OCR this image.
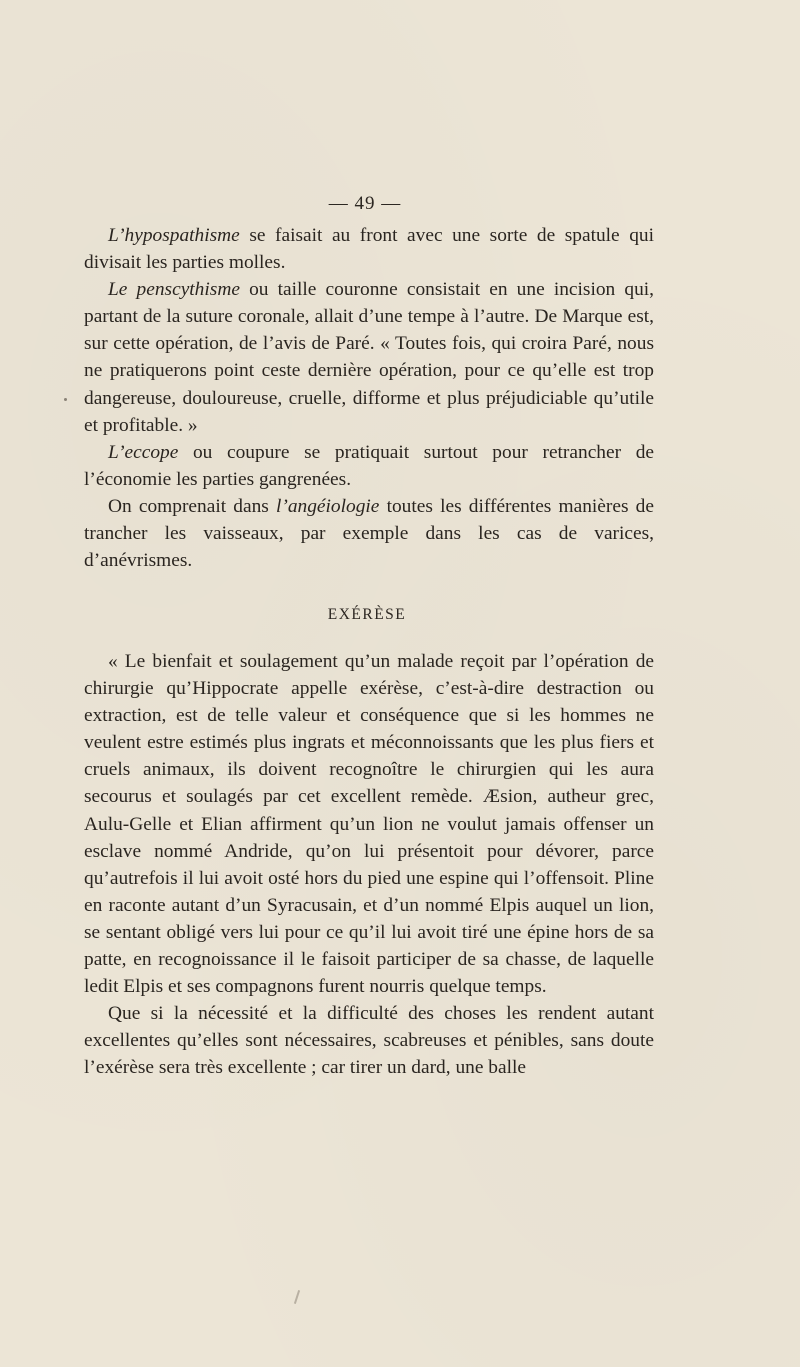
— 49 —

L’hypospathisme se faisait au front avec une sorte de spatule qui divisait les parties molles.

Le penscythisme ou taille couronne consistait en une incision qui, partant de la suture coronale, allait d’une tempe à l’autre. De Marque est, sur cette opération, de l’avis de Paré. « Toutes fois, qui croira Paré, nous ne pratiquerons point ceste dernière opération, pour ce qu’elle est trop dangereuse, douloureuse, cruelle, difforme et plus préjudiciable qu’utile et profitable. »

L’eccope ou coupure se pratiquait surtout pour retrancher de l’économie les parties gangrenées.

On comprenait dans l’angéiologie toutes les différentes manières de trancher les vaisseaux, par exemple dans les cas de varices, d’anévrismes.

EXÉRÈSE

« Le bienfait et soulagement qu’un malade reçoit par l’opération de chirurgie qu’Hippocrate appelle exérèse, c’est-à-dire destraction ou extraction, est de telle valeur et conséquence que si les hommes ne veulent estre estimés plus ingrats et méconnoissants que les plus fiers et cruels animaux, ils doivent recognoître le chirurgien qui les aura secourus et soulagés par cet excellent remède. Æsion, autheur grec, Aulu-Gelle et Elian affirment qu’un lion ne voulut jamais offenser un esclave nommé Andride, qu’on lui présentoit pour dévorer, parce qu’autrefois il lui avoit osté hors du pied une espine qui l’offensoit. Pline en raconte autant d’un Syracusain, et d’un nommé Elpis auquel un lion, se sentant obligé vers lui pour ce qu’il lui avoit tiré une épine hors de sa patte, en recognoissance il le faisoit participer de sa chasse, de laquelle ledit Elpis et ses compagnons furent nourris quelque temps.

Que si la nécessité et la difficulté des choses les rendent autant excellentes qu’elles sont nécessaires, scabreuses et pénibles, sans doute l’exérèse sera très excellente ; car tirer un dard, une balle
